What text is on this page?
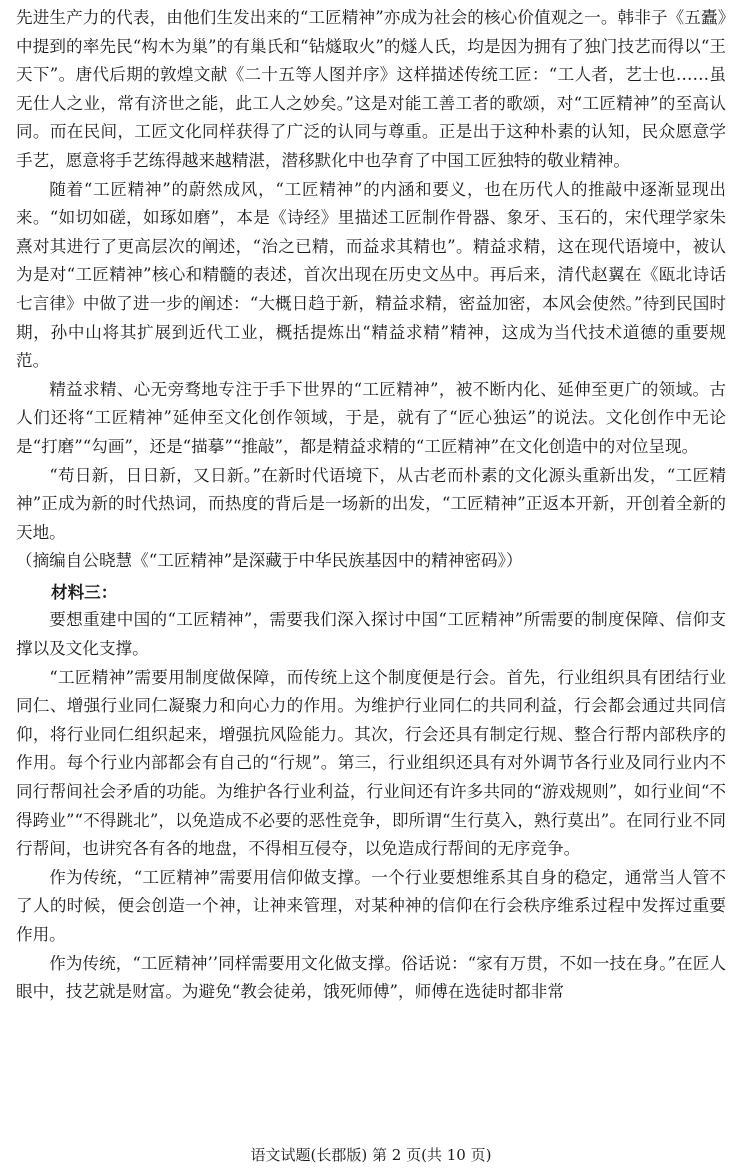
先进生产力的代表，由他们生发出来的“工匠精神”亦成为社会的核心价值观之一。韩非子《五蠹》中提到的率先民“构木为巢”的有巢氏和“钻燧取火”的燧人氏，均是因为拥有了独门技艺而得以“王天下”。唐代后期的敦煌文献《二十五等人图并序》这样描述传统工匠：“工人者，艺士也……虽无仕人之业，常有济世之能，此工人之妙矣。”这是对能工善工者的歌颂，对“工匠精神”的至高认同。而在民间，工匠文化同样获得了广泛的认同与尊重。正是出于这种朴素的认知，民众愿意学手艺，愿意将手艺练得越来越精湛，潜移默化中也孕育了中国工匠独特的敬业精神。

随着“工匠精神”的蔚然成风，“工匠精神”的内涵和要义，也在历代人的推敲中逐渐显现出来。“如切如磋，如琢如磨”，本是《诗经》里描述工匠制作骨器、象牙、玉石的，宋代理学家朱熹对其进行了更高层次的阐述，“治之已精，而益求其精也”。精益求精，这在现代语境中，被认为是对“工匠精神”核心和精髓的表述，首次出现在历史文丛中。再后来，清代赵翼在《瓯北诗话七言律》中做了进一步的阐述：“大概日趋于新，精益求精，密益加密，本风会使然。”待到民国时期，孙中山将其扩展到近代工业，概括提炼出“精益求精”精神，这成为当代技术道德的重要规范。

精益求精、心无旁骛地专注于手下世界的“工匠精神”，被不断内化、延伸至更广的领域。古人们还将“工匠精神”延伸至文化创作领域，于是，就有了“匠心独运”的说法。文化创作中无论是“打磨”“勾画”，还是“描摹”“推敲”，都是精益求精的“工匠精神”在文化创造中的对位呈现。

“苟日新，日日新，又日新。”在新时代语境下，从古老而朴素的文化源头重新出发，“工匠精神”正成为新的时代热词，而热度的背后是一场新的出发，“工匠精神”正返本开新，开创着全新的天地。

（摘编自公晓慧《“工匠精神”是深藏于中华民族基因中的精神密码》）

材料三：

要想重建中国的“工匠精神”，需要我们深入探讨中国“工匠精神”所需要的制度保障、信仰支撑以及文化支撑。

“工匠精神”需要用制度做保障，而传统上这个制度便是行会。首先，行业组织具有团结行业同仁、增强行业同仁凝聚力和向心力的作用。为维护行业同仁的共同利益，行会都会通过共同信仰，将行业同仁组织起来，增强抗风险能力。其次，行会还具有制定行规、整合行帮内部秩序的作用。每个行业内部都会有自己的“行规”。第三，行业组织还具有对外调节各行业及同行业内不同行帮间社会矛盾的功能。为维护各行业利益，行业间还有许多共同的“游戏规则”，如行业间“不得跨业”“不得跳北”，以免造成不必要的恶性竞争，即所谓“生行莫入，熟行莫出”。在同行业不同行帮间，也讲究各有各的地盘，不得相互侵夺，以免造成行帮间的无序竞争。

作为传统，“工匠精神”需要用信仰做支撑。一个行业要想维系其自身的稳定，通常当人管不了人的时候，便会创造一个神，让神来管理，对某种神的信仰在行会秩序维系过程中发挥过重要作用。

作为传统，“工匠精神’’同样需要用文化做支撑。俗话说：“家有万贯，不如一技在身。”在匠人眼中，技艺就是财富。为避免“教会徒弟，饿死师傅”，师傅在选徒时都非常

语文试题(长郡版) 第 2 页(共 10 页)
